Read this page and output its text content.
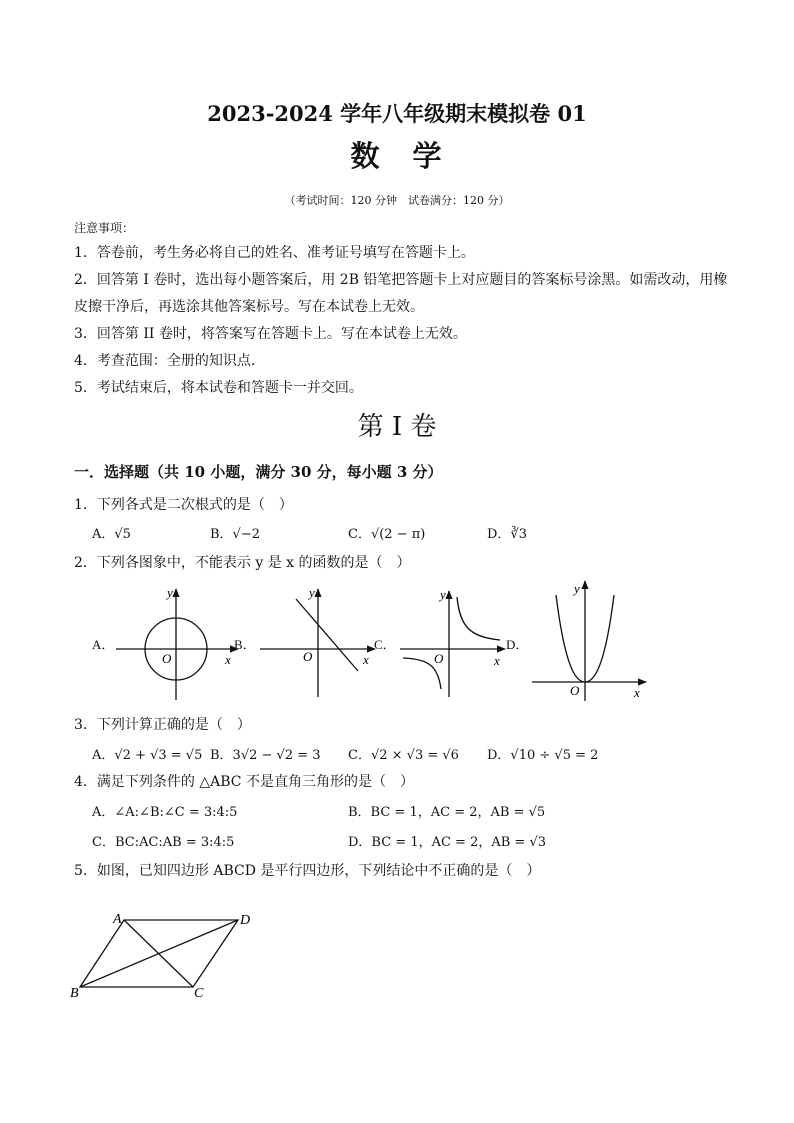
2023-2024 学年八年级期末模拟卷 01
数　学
（考试时间：120 分钟　试卷满分：120 分）
注意事项：
1．答卷前，考生务必将自己的姓名、准考证号填写在答题卡上。
2．回答第 I 卷时，选出每小题答案后，用 2B 铅笔把答题卡上对应题目的答案标号涂黑。如需改动，用橡
皮擦干净后，再选涂其他答案标号。写在本试卷上无效。
3．回答第 II 卷时，将答案写在答题卡上。写在本试卷上无效。
4．考查范围：全册的知识点.
5．考试结束后，将本试卷和答题卡一并交回。
第 I 卷
一．选择题（共 10 小题，满分 30 分，每小题 3 分）
1．下列各式是二次根式的是（　）
A．√5	B．√−2	C．√(2 − π)	D．∛3
2．下列各图象中，不能表示 y 是 x 的函数的是（　）
A．	B．	C．	D．
y
x
O
y
x
O
y
x
O
y
x
O
3．下列计算正确的是（　）
A．√2 + √3 = √5 B．3√2 − √2 = 3 C．√2 × √3 = √6 D．√10 ÷ √5 = 2
4．满足下列条件的 △ABC 不是直角三角形的是（　）
A．∠A:∠B:∠C = 3:4:5	B．BC = 1，AC = 2，AB = √5
C．BC:AC:AB = 3:4:5	D．BC = 1，AC = 2，AB = √3
5．如图，已知四边形 ABCD 是平行四边形，下列结论中不正确的是（　）
A	D
B	C
